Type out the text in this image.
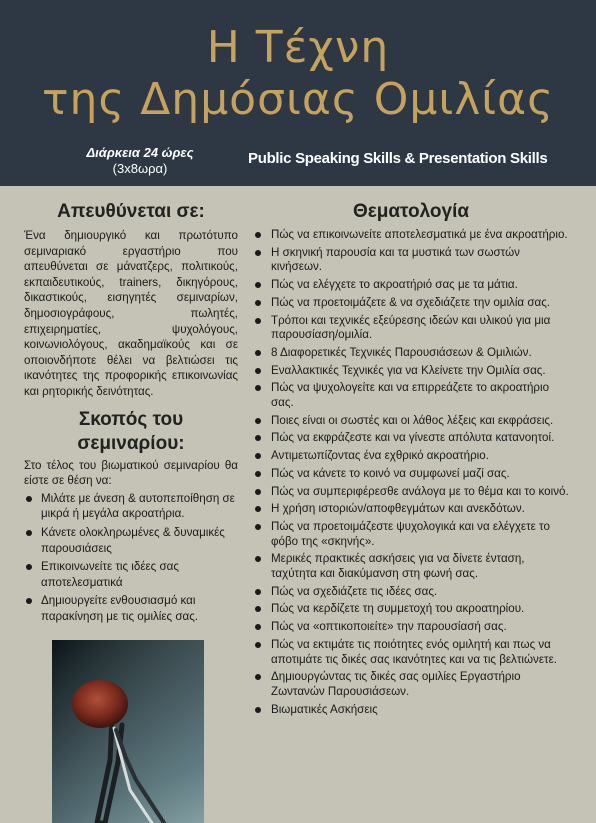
Η Τέχνη
της Δημόσιας Ομιλίας
Διάρκεια 24 ώρες
(3x8ωρα)
Public Speaking Skills & Presentation Skills
Απευθύνεται σε:

Ένα δημιουργικό και πρωτότυπο σεμιναριακό εργαστήριο που απευθύνεται σε μάνατζερς, πολιτικούς, εκπαιδευτικούς, trainers, δικηγόρους, δικαστικούς, εισηγητές σεμιναρίων, δημοσιογράφους, πωλητές, επιχειρηματίες, ψυχολόγους, κοινωνιολόγους, ακαδημαϊκούς και σε οποιονδήποτε θέλει να βελτιώσει τις ικανότητες της προφορικής επικοινωνίας και ρητορικής δεινότητας.

Σκοπός του σεμιναρίου:

Στο τέλος του βιωματικού σεμιναρίου θα είστε σε θέση να:

Μιλάτε με άνεση & αυτοπεποίθηση σε μικρά ή μεγάλα ακροατήρια.
Κάνετε ολοκληρωμένες & δυναμικές παρουσιάσεις
Επικοινωνείτε τις ιδέες σας αποτελεσματικά
Δημιουργείτε ενθουσιασμό και παρακίνηση με τις ομιλίες σας.
Θεματολογία
Πώς να επικοινωνείτε αποτελεσματικά με ένα ακροατήριο.
Η σκηνική παρουσία και τα μυστικά των σωστών κινήσεων.
Πώς να ελέγχετε το ακροατήριό σας με τα μάτια.
Πώς να προετοιμάζετε & να σχεδιάζετε την ομιλία σας.
Τρόποι και τεχνικές εξεύρεσης ιδεών και υλικού για μια παρουσίαση/ομιλία.
8 Διαφορετικές Τεχνικές Παρουσιάσεων & Ομιλιών.
Εναλλακτικές Τεχνικές για να Κλείνετε την Ομιλία σας.
Πώς να ψυχολογείτε και να επιρρεάζετε το ακροατήριο σας.
Ποιες είναι οι σωστές και οι λάθος λέξεις και εκφράσεις.
Πώς να εκφράζεστε και να γίνεστε απόλυτα κατανοητοί.
Αντιμετωπίζοντας ένα εχθρικό ακροατήριο.
Πώς να κάνετε το κοινό να συμφωνεί μαζί σας.
Πώς να συμπεριφέρεσθε ανάλογα με το θέμα και το κοινό.
Η χρήση ιστοριών/αποφθεγμάτων και ανεκδότων.
Πώς να προετοιμάζεστε ψυχολογικά και να ελέγχετε το φόβο της «σκηνής».
Μερικές πρακτικές ασκήσεις για να δίνετε ένταση, ταχύτητα και διακύμανση στη φωνή σας.
Πώς να σχεδιάζετε τις ιδέες σας.
Πώς να κερδίζετε τη συμμετοχή του ακροατηρίου.
Πώς να «οπτικοποιείτε» την παρουσίασή σας.
Πώς να εκτιμάτε τις ποιότητες ενός ομιλητή και πως να αποτιμάτε τις δικές σας ικανότητες και να τις βελτιώνετε.
Δημιουργώντας τις δικές σας ομιλίες Εργαστήριο Ζωντανών Παρουσιάσεων.
Βιωματικές Ασκήσεις
